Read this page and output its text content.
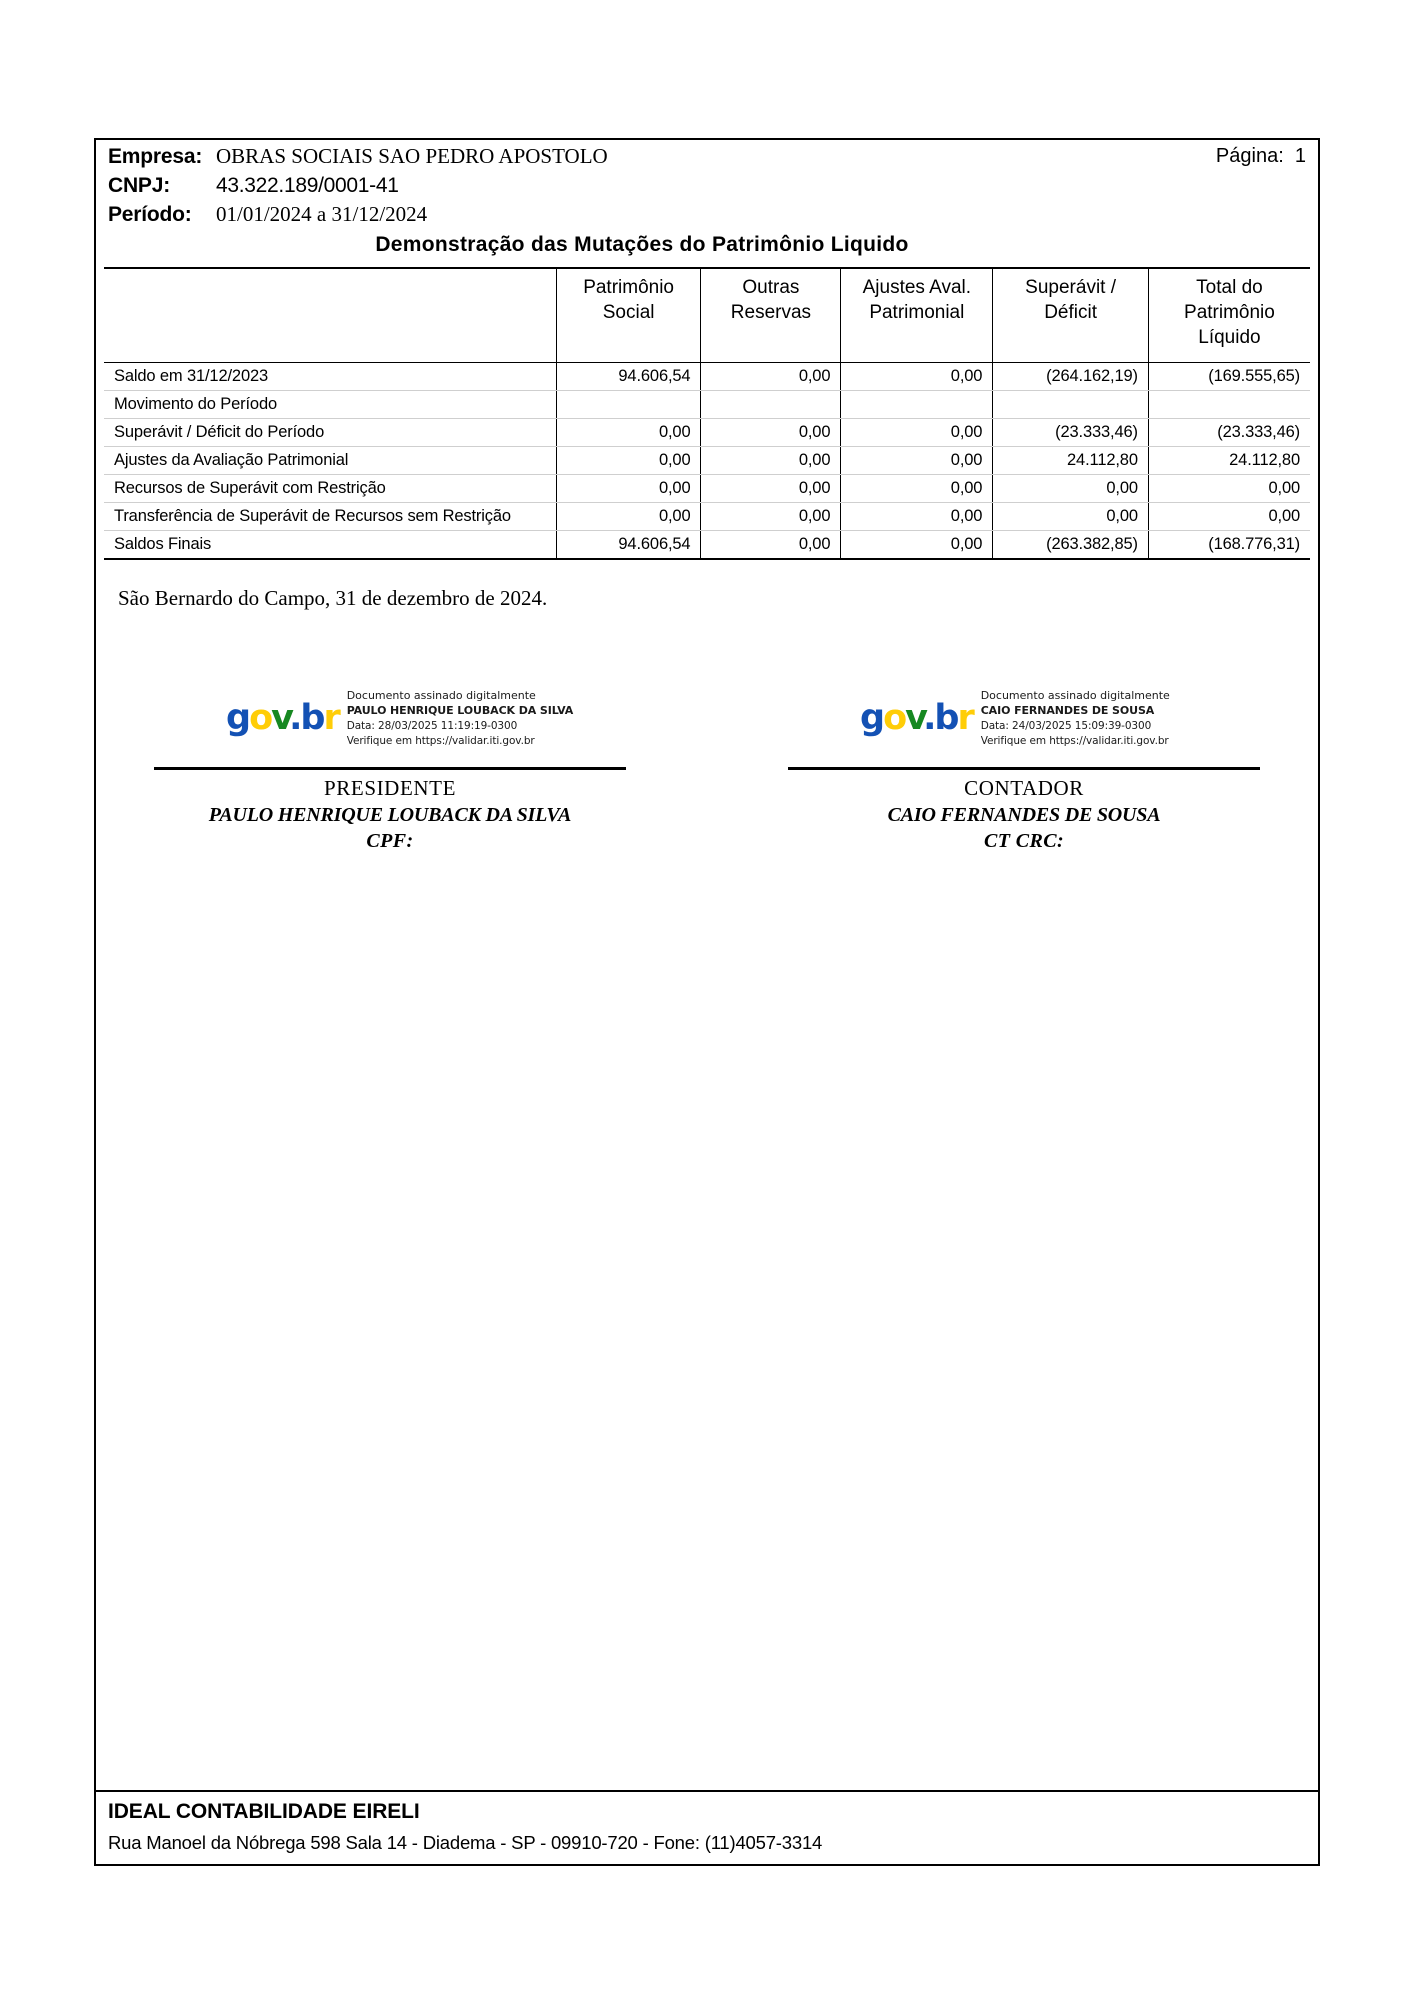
Empresa: OBRAS SOCIAIS SAO PEDRO APOSTOLO	Página:  1
CNPJ:	43.322.189/0001-41
Período:	01/01/2024 a 31/12/2024
Demonstração das Mutações do Patrimônio Liquido

Patrimônio
Social

Outras
Reservas

Ajustes Aval.
Patrimonial

Superávit /
Déficit

Total do
Patrimônio
Líquido

Saldo em 31/12/2023	94.606,54	0,00	0,00	(264.162,19)	(169.555,65)
Movimento do Período					
Superávit / Déficit do Período	0,00	0,00	0,00	(23.333,46)	(23.333,46)
Ajustes da Avaliação Patrimonial	0,00	0,00	0,00	24.112,80	24.112,80
Recursos de Superávit com Restrição	0,00	0,00	0,00	0,00	0,00
Transferência de Superávit de Recursos sem Restrição	0,00	0,00	0,00	0,00	0,00
Saldos Finais	94.606,54	0,00	0,00	(263.382,85)	(168.776,31)
São Bernardo do Campo, 31 de dezembro de 2024.
gov.br
Documento assinado digitalmente
PAULO HENRIQUE LOUBACK DA SILVA
Data: 28/03/2025 11:19:19-0300
Verifique em https://validar.iti.gov.br
PRESIDENTE
PAULO HENRIQUE LOUBACK DA SILVA
CPF:
gov.br
Documento assinado digitalmente
CAIO FERNANDES DE SOUSA
Data: 24/03/2025 15:09:39-0300
Verifique em https://validar.iti.gov.br
CONTADOR
CAIO FERNANDES DE SOUSA
CT CRC:
IDEAL CONTABILIDADE EIRELI
Rua Manoel da Nóbrega 598 Sala 14 - Diadema - SP - 09910-720 - Fone: (11)4057-3314
